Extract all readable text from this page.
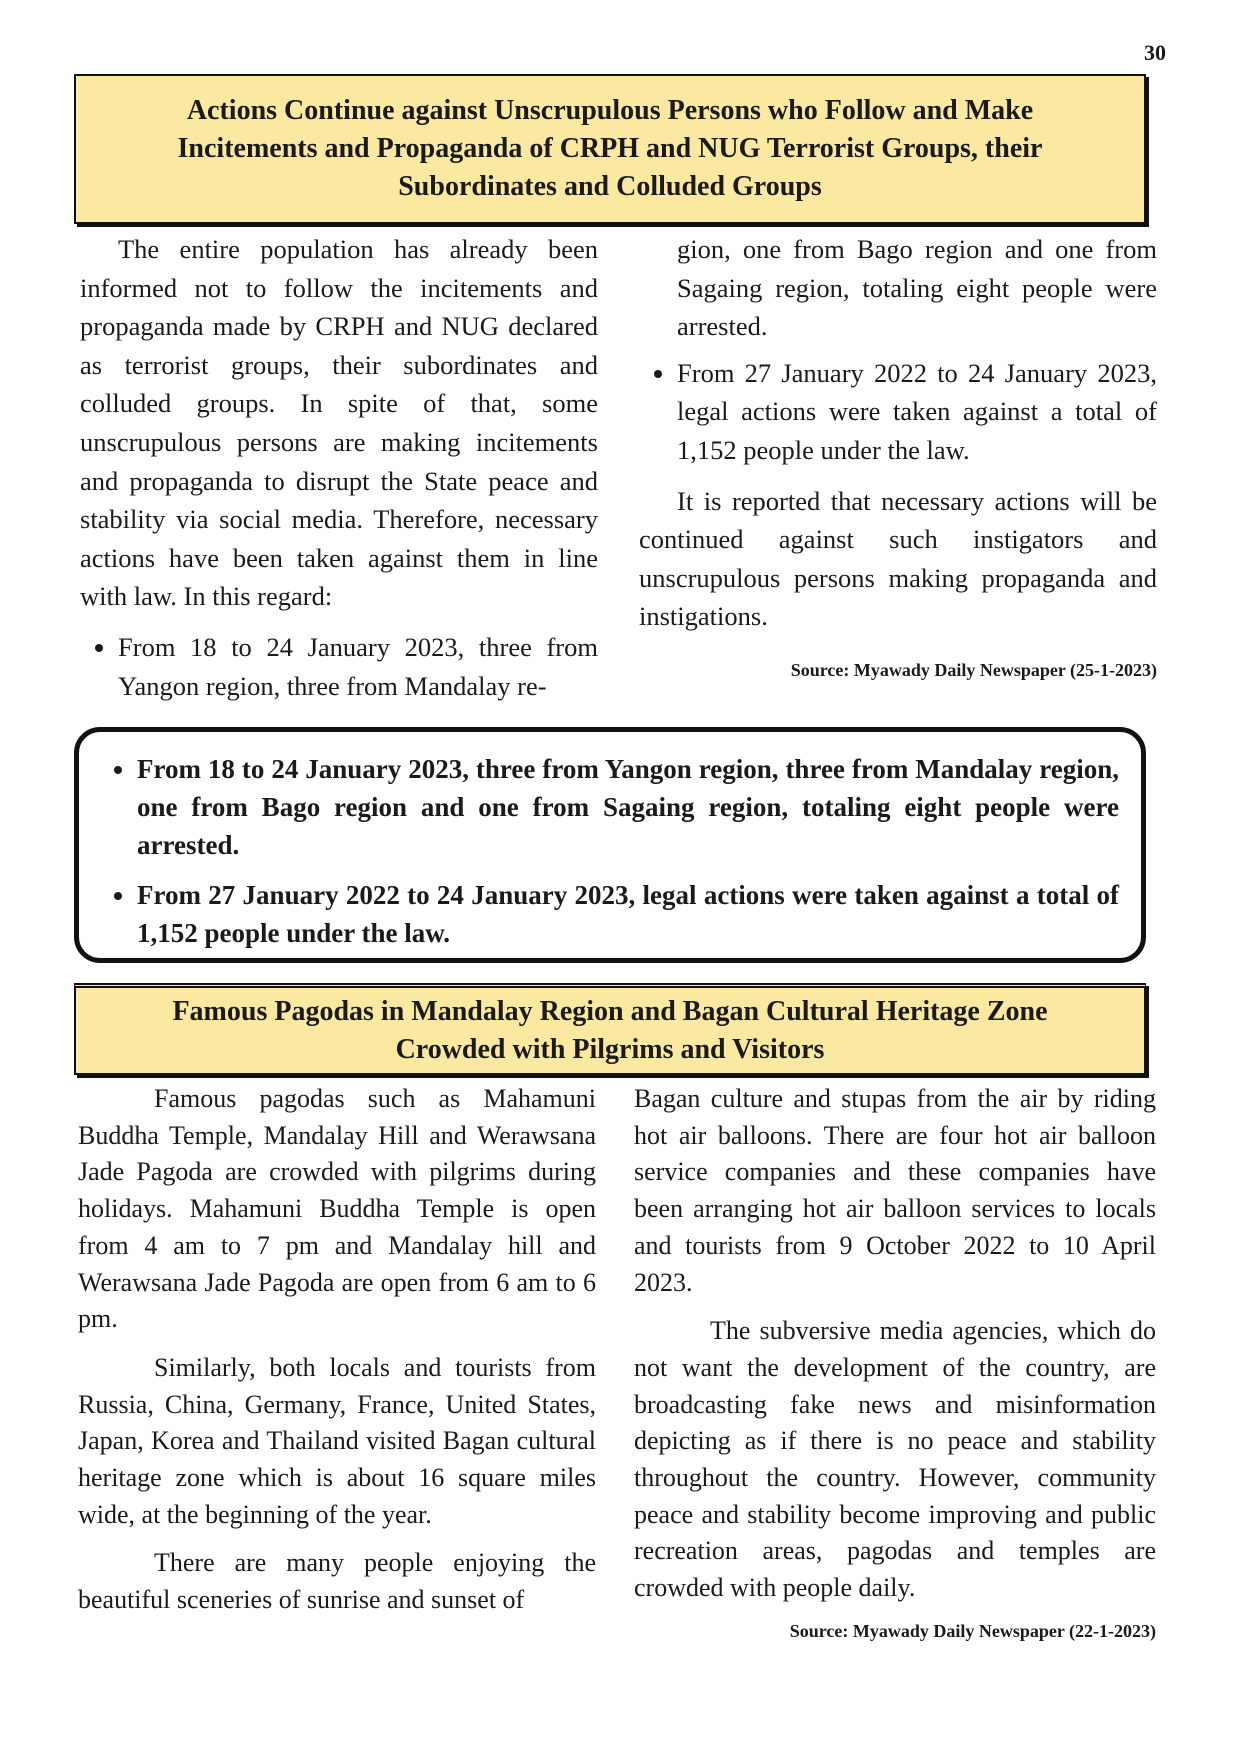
30
Actions Continue against Unscrupulous Persons who Follow and Make
Incitements and Propaganda of CRPH and NUG Terrorist Groups, their
Subordinates and Colluded Groups

The entire population has already been informed not to follow the incitements and propaganda made by CRPH and NUG declared as terrorist groups, their subordinates and colluded groups. In spite of that, some unscrupulous persons are making incitements and propaganda to disrupt the State peace and stability via social media. Therefore, necessary actions have been taken against them in line with law. In this regard:

• From 18 to 24 January 2023, three from Yangon region, three from Mandalay re-

gion, one from Bago region and one from Sagaing region, totaling eight people were arrested.

• From 27 January 2022 to 24 January 2023, legal actions were taken against a total of 1,152 people under the law.

It is reported that necessary actions will be continued against such instigators and unscrupulous persons making propaganda and instigations.

Source: Myawady Daily Newspaper (25-1-2023)
• From 18 to 24 January 2023, three from Yangon region, three from Mandalay region, one from Bago region and one from Sagaing region, totaling eight people were arrested.
• From 27 January 2022 to 24 January 2023, legal actions were taken against a total of 1,152 people under the law.
Famous Pagodas in Mandalay Region and Bagan Cultural Heritage Zone
Crowded with Pilgrims and Visitors

Famous pagodas such as Mahamuni Buddha Temple, Mandalay Hill and Werawsana Jade Pagoda are crowded with pilgrims during holidays. Mahamuni Buddha Temple is open from 4 am to 7 pm and Mandalay hill and Werawsana Jade Pagoda are open from 6 am to 6 pm.

Similarly, both locals and tourists from Russia, China, Germany, France, United States, Japan, Korea and Thailand visited Bagan cultural heritage zone which is about 16 square miles wide, at the beginning of the year.

There are many people enjoying the beautiful sceneries of sunrise and sunset of

Bagan culture and stupas from the air by riding hot air balloons. There are four hot air balloon service companies and these companies have been arranging hot air balloon services to locals and tourists from 9 October 2022 to 10 April 2023.

The subversive media agencies, which do not want the development of the country, are broadcasting fake news and misinformation depicting as if there is no peace and stability throughout the country. However, community peace and stability become improving and public recreation areas, pagodas and temples are crowded with people daily.

Source: Myawady Daily Newspaper (22-1-2023)
